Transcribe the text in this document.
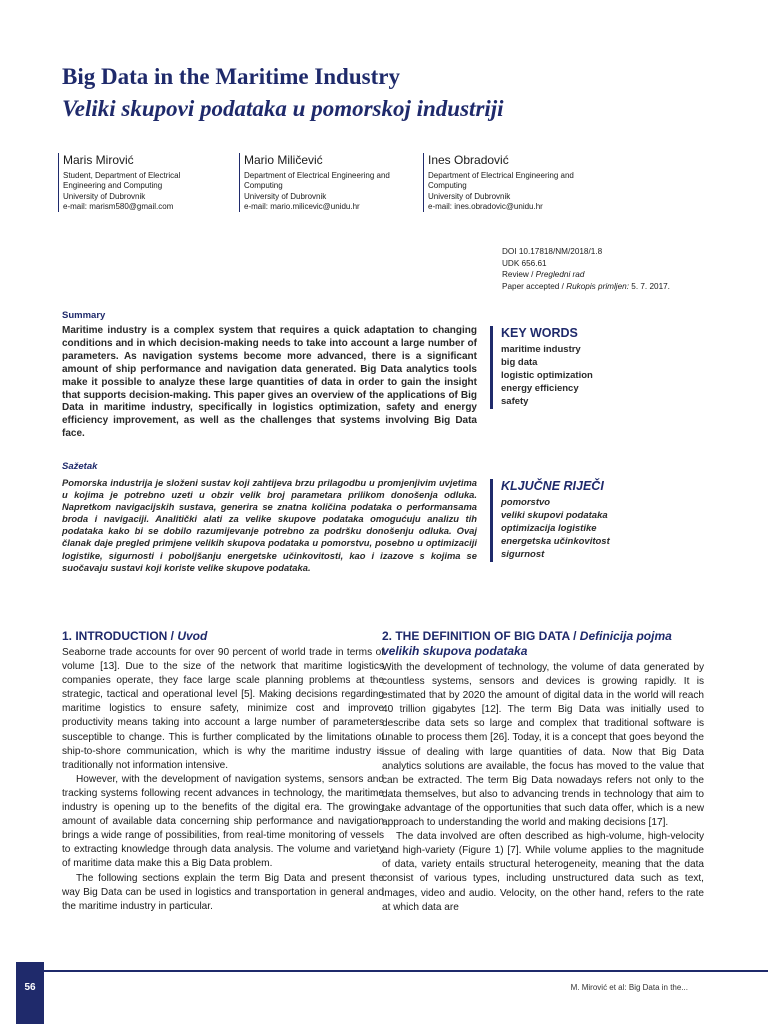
Big Data in the Maritime Industry
Veliki skupovi podataka u pomorskoj industriji
Maris Mirović
Student, Department of Electrical
Engineering and Computing
University of Dubrovnik
e-mail: marism580@gmail.com
Mario Miličević
Department of Electrical Engineering and
Computing
University of Dubrovnik
e-mail: mario.milicevic@unidu.hr
Ines Obradović
Department of Electrical Engineering and
Computing
University of Dubrovnik
e-mail: ines.obradovic@unidu.hr
DOI 10.17818/NM/2018/1.8
UDK 656.61
Review / Pregledni rad
Paper accepted / Rukopis primljen: 5. 7. 2017.
Summary

Maritime industry is a complex system that requires a quick adaptation to changing conditions and in which decision-making needs to take into account a large number of parameters. As navigation systems become more advanced, there is a significant amount of ship performance and navigation data generated. Big Data analytics tools make it possible to analyze these large quantities of data in order to gain the insight that supports decision-making. This paper gives an overview of the applications of Big Data in maritime industry, specifically in logistics optimization, safety and energy efficiency improvement, as well as the challenges that systems involving Big Data face.

KEY WORDS
maritime industry
big data
logistic optimization
energy efficiency
safety
Sažetak

Pomorska industrija je složeni sustav koji zahtijeva brzu prilagodbu u promjenjivim uvjetima u kojima je potrebno uzeti u obzir velik broj parametara prilikom donošenja odluka. Napretkom navigacijskih sustava, generira se znatna količina podataka o performansama broda i navigaciji. Analitički alati za velike skupove podataka omogućuju analizu tih podataka kako bi se dobilo razumijevanje potrebno za podršku donošenju odluka. Ovaj članak daje pregled primjene velikih skupova podataka u pomorstvu, posebno u optimizaciji logistike, sigurnosti i poboljšanju energetske učinkovitosti, kao i izazove s kojima se suočavaju sustavi koji koriste velike skupove podataka.

KLJUČNE RIJEČI
pomorstvo
veliki skupovi podataka
optimizacija logistike
energetska učinkovitost
sigurnost
1. INTRODUCTION / Uvod

Seaborne trade accounts for over 90 percent of world trade in terms of volume [13]. Due to the size of the network that maritime logistics companies operate, they face large scale planning problems at the strategic, tactical and operational level [5]. Making decisions regarding maritime logistics to ensure safety, minimize cost and improve productivity means taking into account a large number of parameters susceptible to change. This is further complicated by the limitations of ship-to-shore communication, which is why the maritime industry is traditionally not information intensive.

However, with the development of navigation systems, sensors and tracking systems following recent advances in technology, the maritime industry is opening up to the benefits of the digital era. The growing amount of available data concerning ship performance and navigation brings a wide range of possibilities, from real-time monitoring of vessels to extracting knowledge through data analysis. The volume and variety of maritime data make this a Big Data problem.

The following sections explain the term Big Data and present the way Big Data can be used in logistics and transportation in general and the maritime industry in particular.

2. THE DEFINITION OF BIG DATA / Definicija pojma velikih skupova podataka

With the development of technology, the volume of data generated by countless systems, sensors and devices is growing rapidly. It is estimated that by 2020 the amount of digital data in the world will reach 40 trillion gigabytes [12]. The term Big Data was initially used to describe data sets so large and complex that traditional software is unable to process them [26]. Today, it is a concept that goes beyond the issue of dealing with large quantities of data. Now that Big Data analytics solutions are available, the focus has moved to the value that can be extracted. The term Big Data nowadays refers not only to the data themselves, but also to advancing trends in technology that aim to take advantage of the opportunities that such data offer, which is a new approach to understanding the world and making decisions [17].

The data involved are often described as high-volume, high-velocity and high-variety (Figure 1) [7]. While volume applies to the magnitude of data, variety entails structural heterogeneity, meaning that the data consist of various types, including unstructured data such as text, images, video and audio. Velocity, on the other hand, refers to the rate at which data are

56	M. Mirović et al: Big Data in the...
